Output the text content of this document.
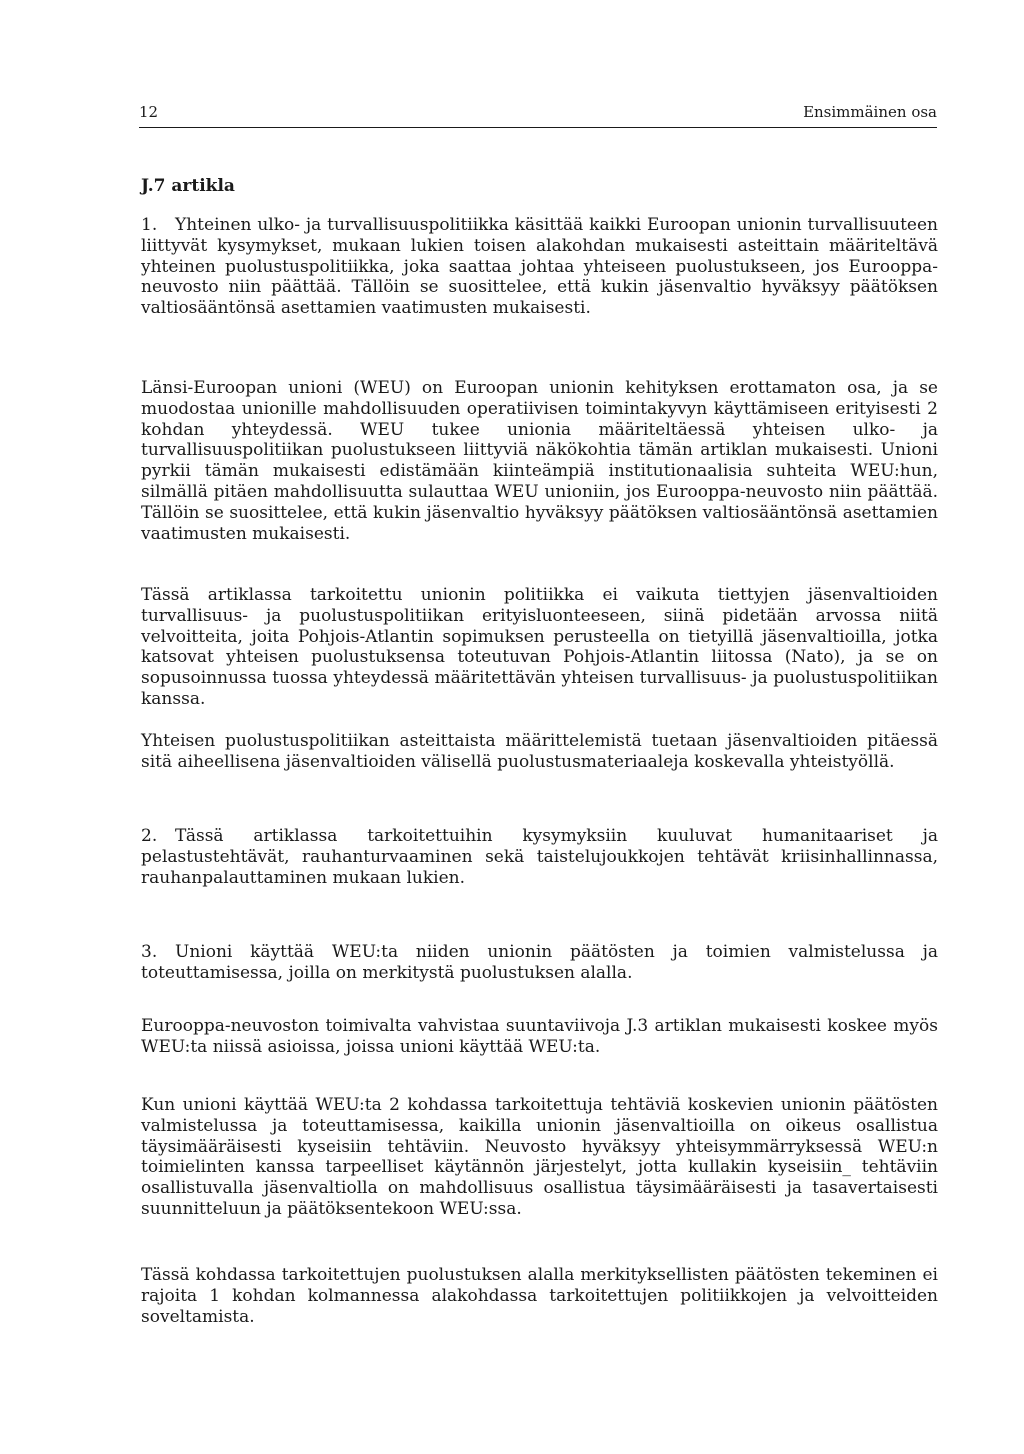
12	Ensimmäinen osa
J.7 artikla

1. Yhteinen ulko- ja turvallisuuspolitiikka käsittää kaikki Euroopan unionin turvallisuuteen liittyvät kysymykset, mukaan lukien toisen alakohdan mukaisesti asteittain määriteltävä yhteinen puolustuspolitiikka, joka saattaa johtaa yhteiseen puolustukseen, jos Eurooppa-neuvosto niin päättää. Tällöin se suosittelee, että kukin jäsenvaltio hyväksyy päätöksen valtiosääntönsä asettamien vaatimusten mukaisesti.

Länsi-Euroopan unioni (WEU) on Euroopan unionin kehityksen erottamaton osa, ja se muodostaa unionille mahdollisuuden operatiivisen toimintakyvyn käyttämiseen erityisesti 2 kohdan yhteydessä. WEU tukee unionia määriteltäessä yhteisen ulko- ja turvallisuuspolitiikan puolustukseen liittyviä näkökohtia tämän artiklan mukaisesti. Unioni pyrkii tämän mukaisesti edistämään kiinteämpiä institutionaalisia suhteita WEU:hun, silmällä pitäen mahdollisuutta sulauttaa WEU unioniin, jos Eurooppa-neuvosto niin päättää. Tällöin se suosittelee, että kukin jäsenvaltio hyväksyy päätöksen valtiosääntönsä asettamien vaatimusten mukaisesti.

Tässä artiklassa tarkoitettu unionin politiikka ei vaikuta tiettyjen jäsenvaltioiden turvallisuus- ja puolustuspolitiikan erityisluonteeseen, siinä pidetään arvossa niitä velvoitteita, joita Pohjois-Atlantin sopimuksen perusteella on tietyillä jäsenvaltioilla, jotka katsovat yhteisen puolustuksensa toteutuvan Pohjois-Atlantin liitossa (Nato), ja se on sopusoinnussa tuossa yhteydessä määritettävän yhteisen turvallisuus- ja puolustuspolitiikan kanssa.

Yhteisen puolustuspolitiikan asteittaista määrittelemistä tuetaan jäsenvaltioiden pitäessä sitä aiheellisena jäsenvaltioiden välisellä puolustusmateriaaleja koskevalla yhteistyöllä.

2. Tässä artiklassa tarkoitettuihin kysymyksiin kuuluvat humanitaariset ja pelastustehtävät, rauhanturvaaminen sekä taistelujoukkojen tehtävät kriisinhallinnassa, rauhanpalauttaminen mukaan lukien.

3. Unioni käyttää WEU:ta niiden unionin päätösten ja toimien valmistelussa ja toteuttamisessa, joilla on merkitystä puolustuksen alalla.

Eurooppa-neuvoston toimivalta vahvistaa suuntaviivoja J.3 artiklan mukaisesti koskee myös WEU:ta niissä asioissa, joissa unioni käyttää WEU:ta.

Kun unioni käyttää WEU:ta 2 kohdassa tarkoitettuja tehtäviä koskevien unionin päätösten valmistelussa ja toteuttamisessa, kaikilla unionin jäsenvaltioilla on oikeus osallistua täysimääräisesti kyseisiin tehtäviin. Neuvosto hyväksyy yhteisymmärryksessä WEU:n toimielinten kanssa tarpeelliset käytännön järjestelyt, jotta kullakin kyseisiin_ tehtäviin osallistuvalla jäsenvaltiolla on mahdollisuus osallistua täysimääräisesti ja tasavertaisesti suunnitteluun ja päätöksentekoon WEU:ssa.

Tässä kohdassa tarkoitettujen puolustuksen alalla merkityksellisten päätösten tekeminen ei rajoita 1 kohdan kolmannessa alakohdassa tarkoitettujen politiikkojen ja velvoitteiden soveltamista.
